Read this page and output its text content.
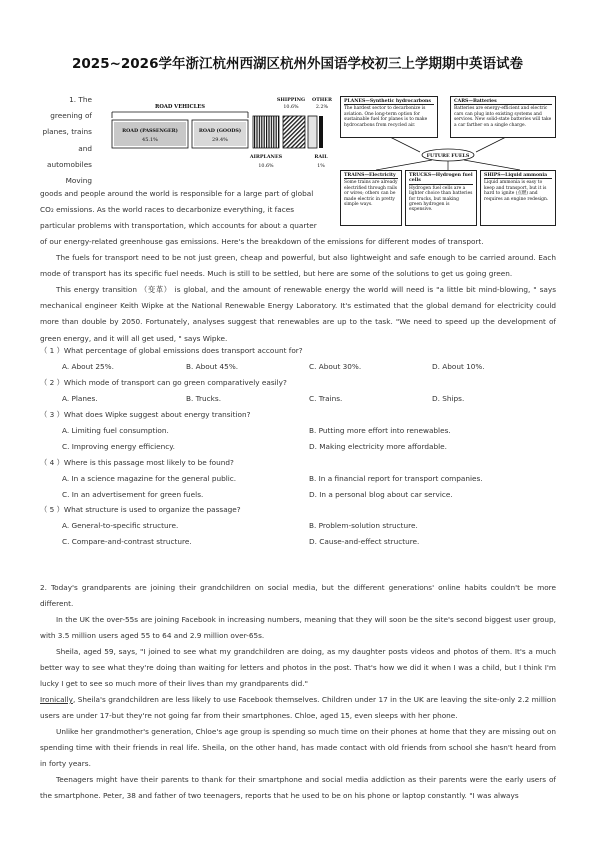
2025~2026学年浙江杭州西湖区杭州外国语学校初三上学期期中英语试卷
1. The
greening of
planes, trains
and
automobiles
Moving
ROAD VEHICLES
ROAD (PASSENGER)
45.1%
ROAD (GOODS)
29.4%
AIRPLANES
10.6%
SHIPPING
10.6%
OTHER
2.2%
RAIL
1%
FUTURE FUELS
PLANES—Synthetic hydrocarbons
The hardest sector to decarbonize is aviation. One long-term option for sustainable fuel for planes is to make hydrocarbons from recycled air.
CARS—Batteries
Batteries are energy-efficient and electric cars can plug into existing systems and services. New solid-state batteries will take a car farther on a single charge.
TRAINS—Electricity
Some trains are already electrified through rails or wires; others can be made electric in pretty simple ways.
TRUCKS—Hydrogen fuel cells
Hydrogen fuel cells are a lighter choice than batteries for trucks, but making green hydrogen is expensive.
SHIPS—Liquid ammonia
Liquid ammonia is easy to keep and transport, but it is hard to ignite (点燃) and requires an engine redesign.
goods and people around the world is responsible for a large part of global
CO₂ emissions. As the world races to decarbonize everything, it faces
particular problems with transportation, which accounts for about a quarter
of our energy-related greenhouse gas emissions. Here's the breakdown of the emissions for different modes of transport.
The fuels for transport need to be not just green, cheap and powerful, but also lightweight and safe enough to be carried around. Each mode of transport has its specific fuel needs. Much is still to be settled, but here are some of the solutions to get us going green.
This energy transition （变革） is global, and the amount of renewable energy the world will need is "a little bit mind-blowing, " says mechanical engineer Keith Wipke at the National Renewable Energy Laboratory. It's estimated that the global demand for electricity could more than double by 2050. Fortunately, analyses suggest that renewables are up to the task. "We need to speed up the development of green energy, and it will all get used, " says Wipke.
（ 1 ）What percentage of global emissions does transport account for?
A. About 25%.	B. About 45%.	C. About 30%.	D. About 10%.
（ 2 ）Which mode of transport can go green comparatively easily?
A. Planes.	B. Trucks.	C. Trains.	D. Ships.
（ 3 ）What does Wipke suggest about energy transition?
A. Limiting fuel consumption.	B. Putting more effort into renewables.
C. Improving energy efficiency.	D. Making electricity more affordable.
（ 4 ）Where is this passage most likely to be found?
A. In a science magazine for the general public.	B. In a financial report for transport companies.
C. In an advertisement for green fuels.	D. In a personal blog about car service.
（ 5 ）What structure is used to organize the passage?
A. General-to-specific structure.	B. Problem-solution structure.
C. Compare-and-contrast structure.	D. Cause-and-effect structure.
2. Today's grandparents are joining their grandchildren on social media, but the different generations' online habits couldn't be more different.
In the UK the over-55s are joining Facebook in increasing numbers, meaning that they will soon be the site's second biggest user group, with 3.5 million users aged 55 to 64 and 2.9 million over-65s.
Sheila, aged 59, says, "I joined to see what my grandchildren are doing, as my daughter posts videos and photos of them. It's a much better way to see what they're doing than waiting for letters and photos in the post. That's how we did it when I was a child, but I think I'm lucky I get to see so much more of their lives than my grandparents did."
Ironically, Sheila's grandchildren are less likely to use Facebook themselves. Children under 17 in the UK are leaving the site-only 2.2 million users are under 17-but they're not going far from their smartphones. Chloe, aged 15, even sleeps with her phone.
Unlike her grandmother's generation, Chloe's age group is spending so much time on their phones at home that they are missing out on spending time with their friends in real life. Sheila, on the other hand, has made contact with old friends from school she hasn't heard from in forty years.
Teenagers might have their parents to thank for their smartphone and social media addiction as their parents were the early users of the smartphone. Peter, 38 and father of two teenagers, reports that he used to be on his phone or laptop constantly. "I was always
